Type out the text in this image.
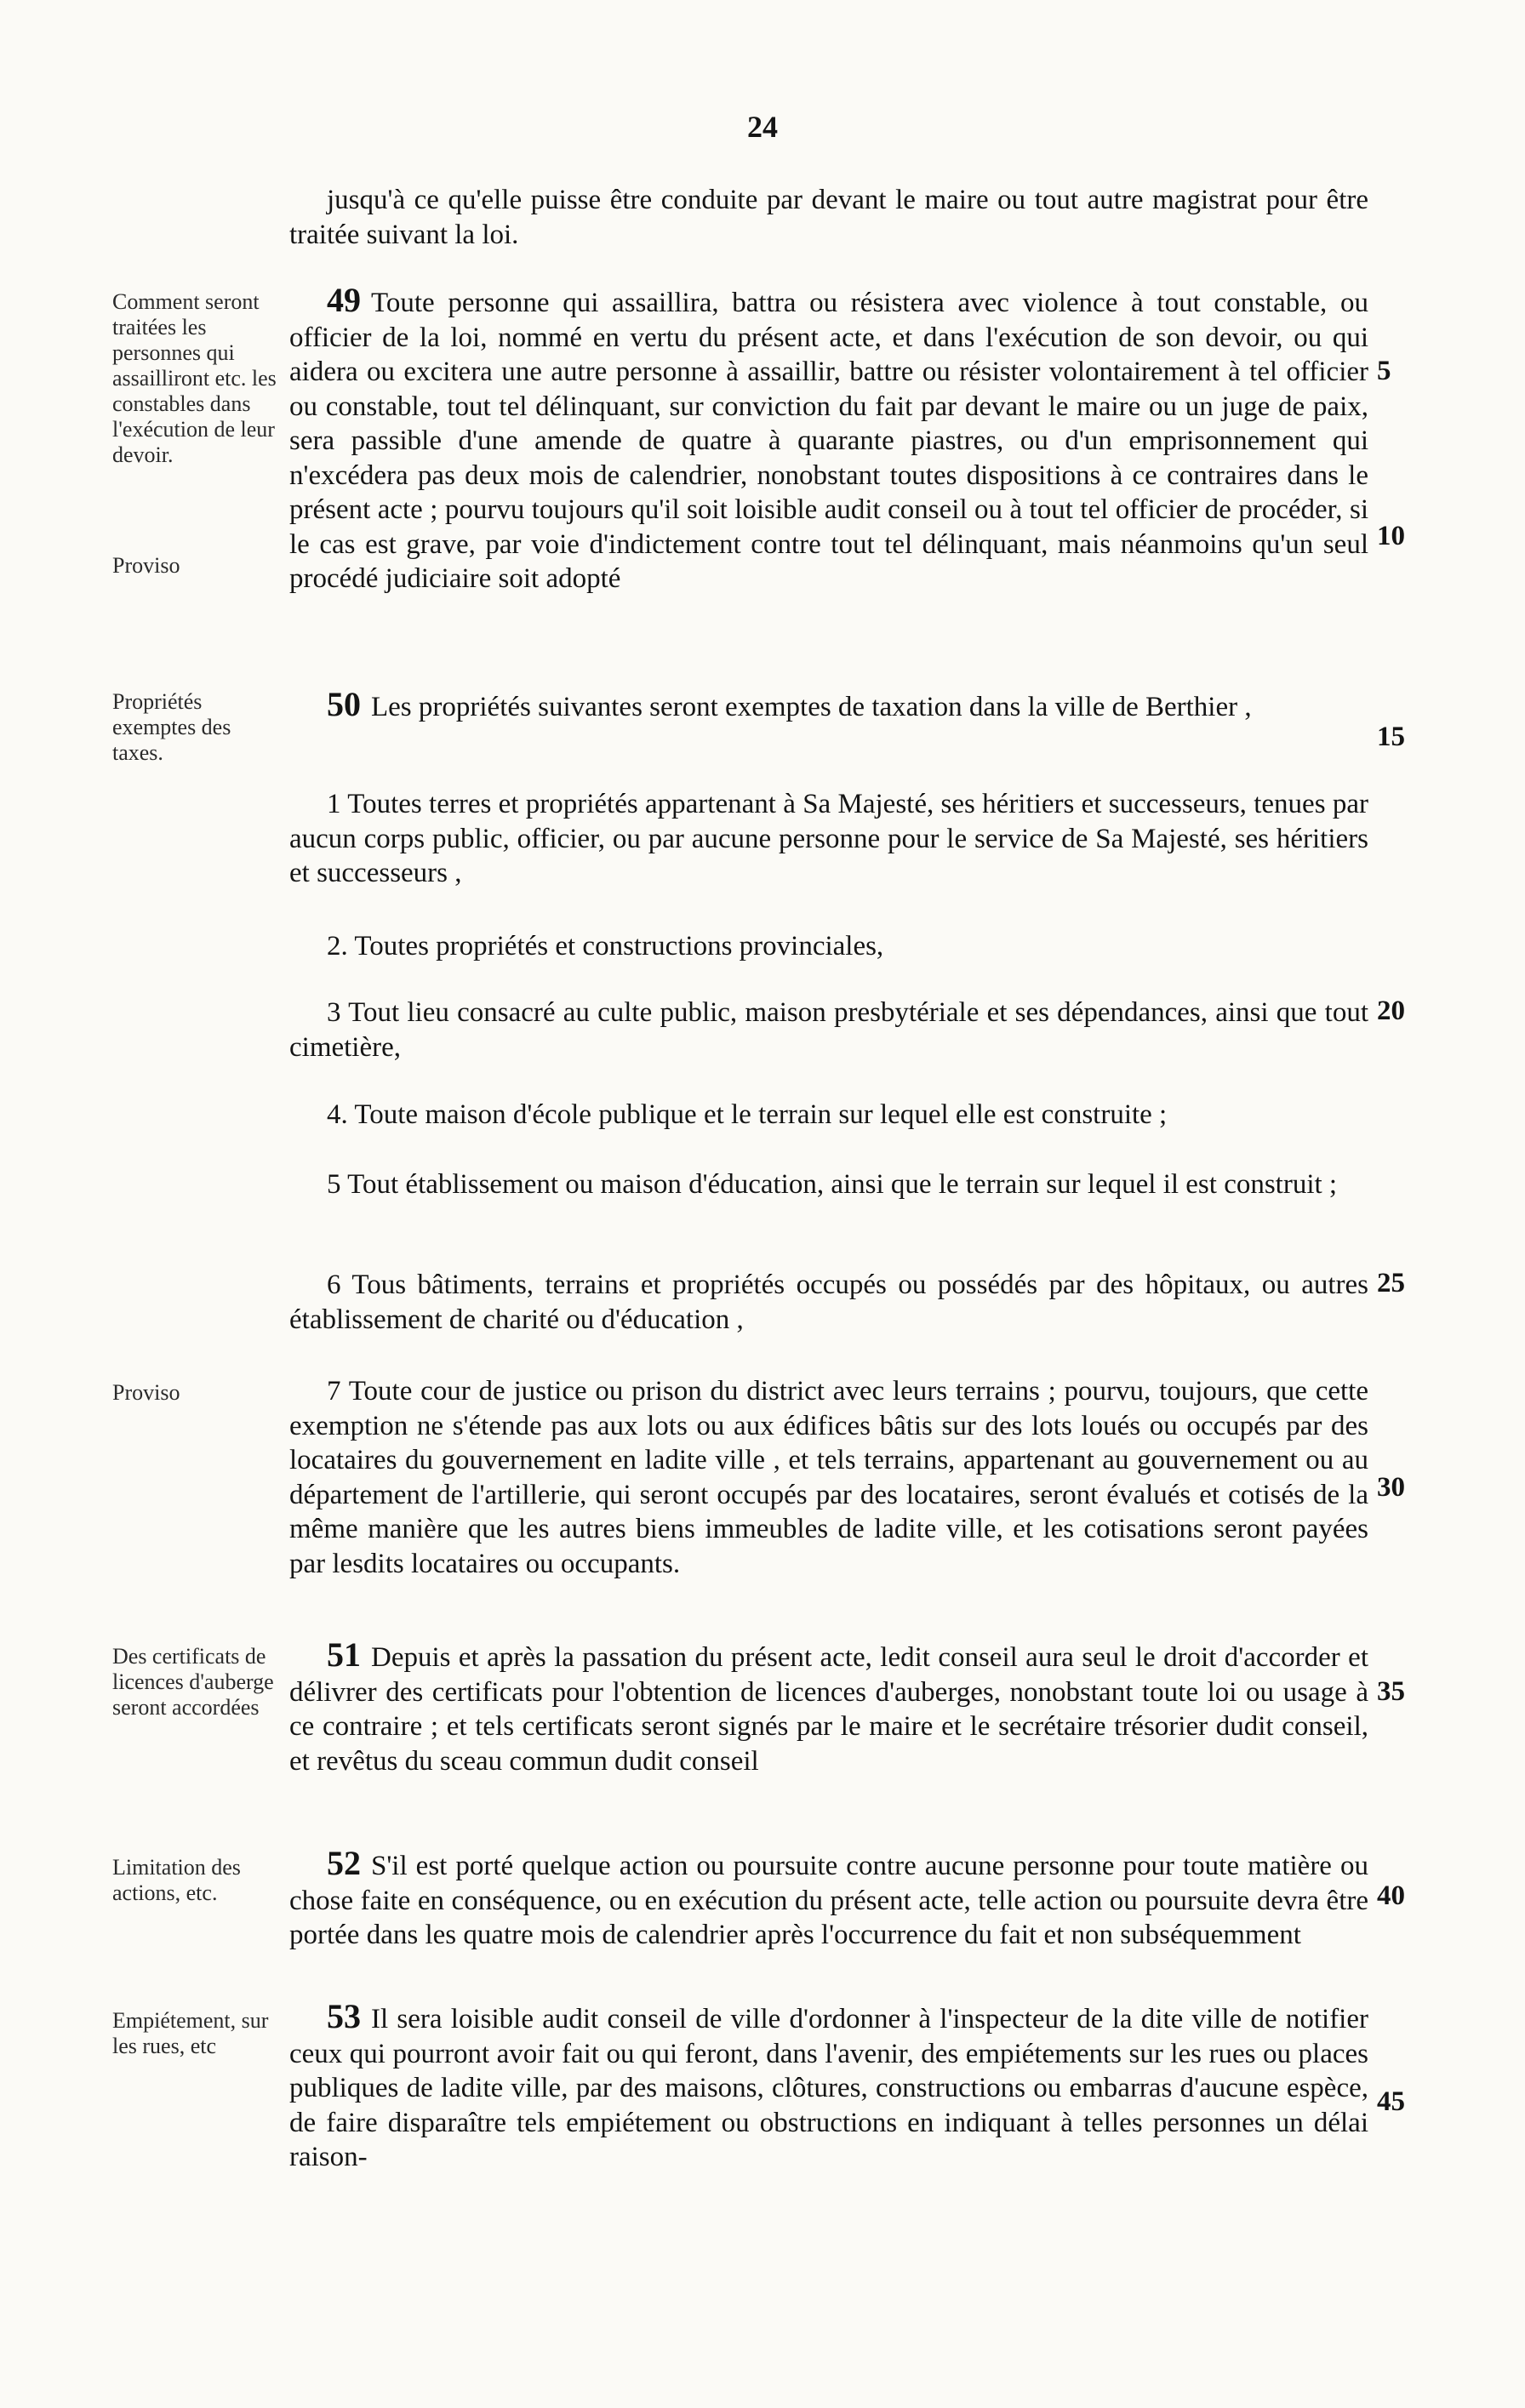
24

jusqu'à ce qu'elle puisse être conduite par devant le maire ou tout autre magistrat pour être traitée suivant la loi.

Comment seront traitées les personnes qui assailliront etc. les constables dans l'exécution de leur devoir.
Proviso

49 Toute personne qui assaillira, battra ou résistera avec violence à tout constable, ou officier de la loi, nommé en vertu du présent acte, et dans l'exécution de son devoir, ou qui aidera ou excitera une autre personne à assaillir, battre ou résister volontairement à tel officier ou constable, tout tel délinquant, sur conviction du fait par devant le maire ou un juge de paix, sera passible d'une amende de quatre à quarante piastres, ou d'un emprisonnement qui n'excédera pas deux mois de calendrier, nonobstant toutes dispositions à ce contraires dans le présent acte ; pourvu toujours qu'il soit loisible audit conseil ou à tout tel officier de procéder, si le cas est grave, par voie d'indictement contre tout tel délinquant, mais néanmoins qu'un seul procédé judiciaire soit adopté

Propriétés exemptes des taxes.

50 Les propriétés suivantes seront exemptes de taxation dans la ville de Berthier ,

1 Toutes terres et propriétés appartenant à Sa Majesté, ses héritiers et successeurs, tenues par aucun corps public, officier, ou par aucune personne pour le service de Sa Majesté, ses héritiers et successeurs ,

2. Toutes propriétés et constructions provinciales,

3 Tout lieu consacré au culte public, maison presbytériale et ses dépendances, ainsi que tout cimetière,

4. Toute maison d'école publique et le terrain sur lequel elle est construite ;

5 Tout établissement ou maison d'éducation, ainsi que le terrain sur lequel il est construit ;

6 Tous bâtiments, terrains et propriétés occupés ou possédés par des hôpitaux, ou autres établissement de charité ou d'éducation ,

Proviso	7 Toute cour de justice ou prison du district avec leurs terrains ; pourvu, toujours, que cette exemption ne s'étende pas aux lots ou aux édifices bâtis sur des lots loués ou occupés par des locataires du gouvernement en ladite ville , et tels terrains, appartenant au gouvernement ou au département de l'artillerie, qui seront occupés par des locataires, seront évalués et cotisés de la même manière que les autres biens immeubles de ladite ville, et les cotisations seront payées par lesdits locataires ou occupants.

Des certificats de licences d'auberge seront accordées

51 Depuis et après la passation du présent acte, ledit conseil aura seul le droit d'accorder et délivrer des certificats pour l'obtention de licences d'auberges, nonobstant toute loi ou usage à ce contraire ; et tels certificats seront signés par le maire et le secrétaire trésorier dudit conseil, et revêtus du sceau commun dudit conseil

Limitation des actions, etc.

52 S'il est porté quelque action ou poursuite contre aucune personne pour toute matière ou chose faite en conséquence, ou en exécution du présent acte, telle action ou poursuite devra être portée dans les quatre mois de calendrier après l'occurrence du fait et non subséquemment

Empiétement, sur les rues, etc

53 Il sera loisible audit conseil de ville d'ordonner à l'inspecteur de la dite ville de notifier ceux qui pourront avoir fait ou qui feront, dans l'avenir, des empiétements sur les rues ou places publiques de ladite ville, par des maisons, clôtures, constructions ou embarras d'aucune espèce, de faire disparaître tels empiétement ou obstructions en indiquant à telles personnes un délai raison-

5
10
15
20
25
30
35
40
45
